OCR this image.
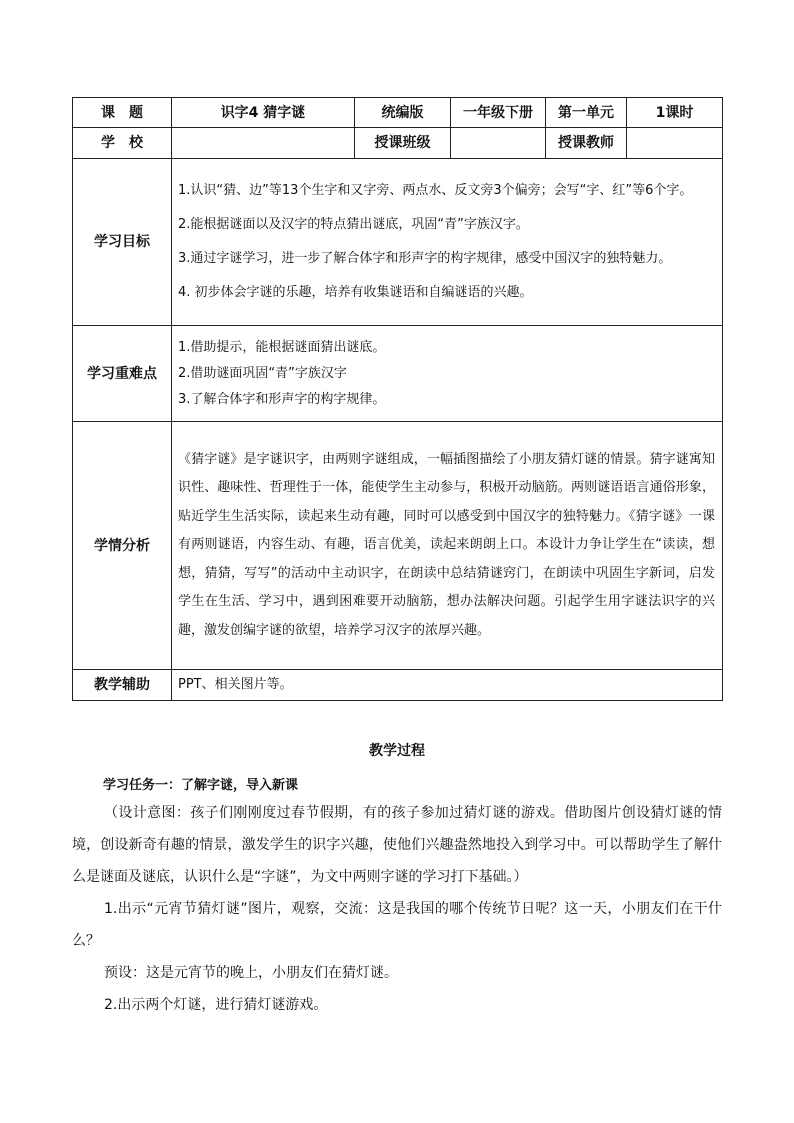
课　题	识字4 猜字谜	统编版	一年级下册	第一单元	1课时
学　校		授课班级		授课教师	
学习目标	1.认识“猜、边”等13个生字和又字旁、两点水、反文旁3个偏旁；会写“字、红”等6个字。
2.能根据谜面以及汉字的特点猜出谜底，巩固“青”字族汉字。
3.通过字谜学习，进一步了解合体字和形声字的构字规律，感受中国汉字的独特魅力。
4. 初步体会字谜的乐趣，培养有收集谜语和自编谜语的兴趣。				

学习重难点	1.借助提示，能根据谜面猜出谜底。
2.借助谜面巩固“青”字族汉字
3.了解合体字和形声字的构字规律。				

学情分析	《猜字谜》是字谜识字，由两则字谜组成，一幅插图描绘了小朋友猜灯谜的情景。猜字谜寓知识性、趣味性、哲理性于一体，能使学生主动参与，积极开动脑筋。两则谜语语言通俗形象，贴近学生生活实际，读起来生动有趣，同时可以感受到中国汉字的独特魅力。《猜字谜》一课有两则谜语，内容生动、有趣，语言优美，读起来朗朗上口。本设计力争让学生在“读读，想想，猜猜，写写”的活动中主动识字，在朗读中总结猜谜窍门，在朗读中巩固生字新词，启发学生在生活、学习中，遇到困难要开动脑筋，想办法解决问题。引起学生用字谜法识字的兴趣，激发创编字谜的欲望，培养学习汉字的浓厚兴趣。				

教学辅助	PPT、相关图片等。				
教学过程
学习任务一：了解字谜，导入新课
（设计意图：孩子们刚刚度过春节假期，有的孩子参加过猜灯谜的游戏。借助图片创设猜灯谜的情境，创设新奇有趣的情景，激发学生的识字兴趣，使他们兴趣盎然地投入到学习中。可以帮助学生了解什么是谜面及谜底，认识什么是“字谜”，为文中两则字谜的学习打下基础。）
1.出示“元宵节猜灯谜”图片，观察，交流：这是我国的哪个传统节日呢？这一天，小朋友们在干什么？
预设：这是元宵节的晚上，小朋友们在猜灯谜。
2.出示两个灯谜，进行猜灯谜游戏。
